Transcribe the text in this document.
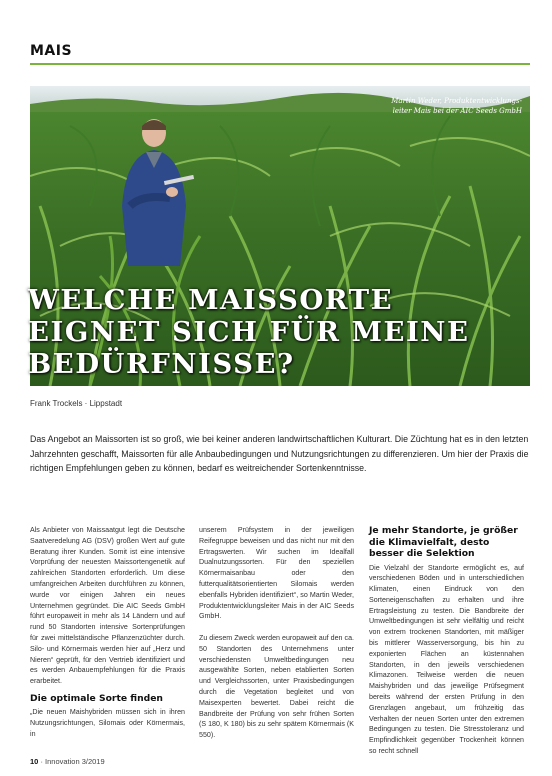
MAIS
Martin Weder, Produktentwicklungs-
leiter Mais bei der AIC Seeds GmbH
WELCHE MAISSORTE
EIGNET SICH FÜR MEINE
BEDÜRFNISSE?
Frank Trockels · Lippstadt
Das Angebot an Maissorten ist so groß, wie bei keiner anderen landwirtschaftlichen Kulturart. Die Züchtung hat es in den letzten Jahrzehnten geschafft, Maissorten für alle Anbaubedingungen und Nutzungsrichtungen zu differenzieren. Um hier der Praxis die richtigen Empfehlungen geben zu können, bedarf es weitreichender Sortenkenntnisse.

Als Anbieter von Maissaatgut legt die Deutsche Saatveredelung AG (DSV) großen Wert auf gute Beratung ihrer Kunden. Somit ist eine intensive Vorprüfung der neuesten Maissortengenetik auf zahlreichen Standorten erforderlich. Um diese umfangreichen Arbeiten durchführen zu können, wurde vor einigen Jahren ein neues Unternehmen gegründet. Die AIC Seeds GmbH führt europaweit in mehr als 14 Ländern und auf rund 50 Standorten intensive Sortenprüfungen für zwei mittelständische Pflanzenzüchter durch. Silo- und Körnermais werden hier auf „Herz und Nieren“ geprüft, für den Vertrieb identifiziert und es werden Anbauempfehlungen für die Praxis erarbeitet.

Die optimale Sorte finden

„Die neuen Maishybriden müssen sich in ihren Nutzungsrichtungen, Silomais oder Körnermais, in

unserem Prüfsystem in der jeweiligen Reifegruppe beweisen und das nicht nur mit den Ertragswerten. Wir suchen im Idealfall Dualnutzungssorten. Für den speziellen Körnermaisanbau oder den futterqualitätsorientierten Silomais werden ebenfalls Hybriden identifiziert“, so Martin Weder, Produktentwicklungsleiter Mais in der AIC Seeds GmbH.

Zu diesem Zweck werden europaweit auf den ca. 50 Standorten des Unternehmens unter verschiedensten Umweltbedingungen neu ausgewählte Sorten, neben etablierten Sorten und Vergleichssorten, unter Praxisbedingungen durch die Vegetation begleitet und von Maisexperten bewertet. Dabei reicht die Bandbreite der Prüfung von sehr frühen Sorten (S 180, K 180) bis zu sehr spätem Körnermais (K 550).

Je mehr Standorte, je größer die Klimavielfalt, desto besser die Selektion

Die Vielzahl der Standorte ermöglicht es, auf verschiedenen Böden und in unterschiedlichen Klimaten, einen Eindruck von den Sorteneigenschaften zu erhalten und ihre Ertragsleistung zu testen. Die Bandbreite der Umweltbedingungen ist sehr vielfältig und reicht von extrem trockenen Standorten, mit mäßiger bis mittlerer Wasserversorgung, bis hin zu exponierten Flächen an küstennahen Standorten, in den jeweils verschiedenen Klimazonen. Teilweise werden die neuen Maishybriden und das jeweilige Prüfsegment bereits während der ersten Prüfung in den Grenzlagen angebaut, um frühzeitig das Verhalten der neuen Sorten unter den extremen Bedingungen zu testen. Die Stresstoleranz und Empfindlichkeit gegenüber Trockenheit können so recht schnell

10 · Innovation 3/2019
